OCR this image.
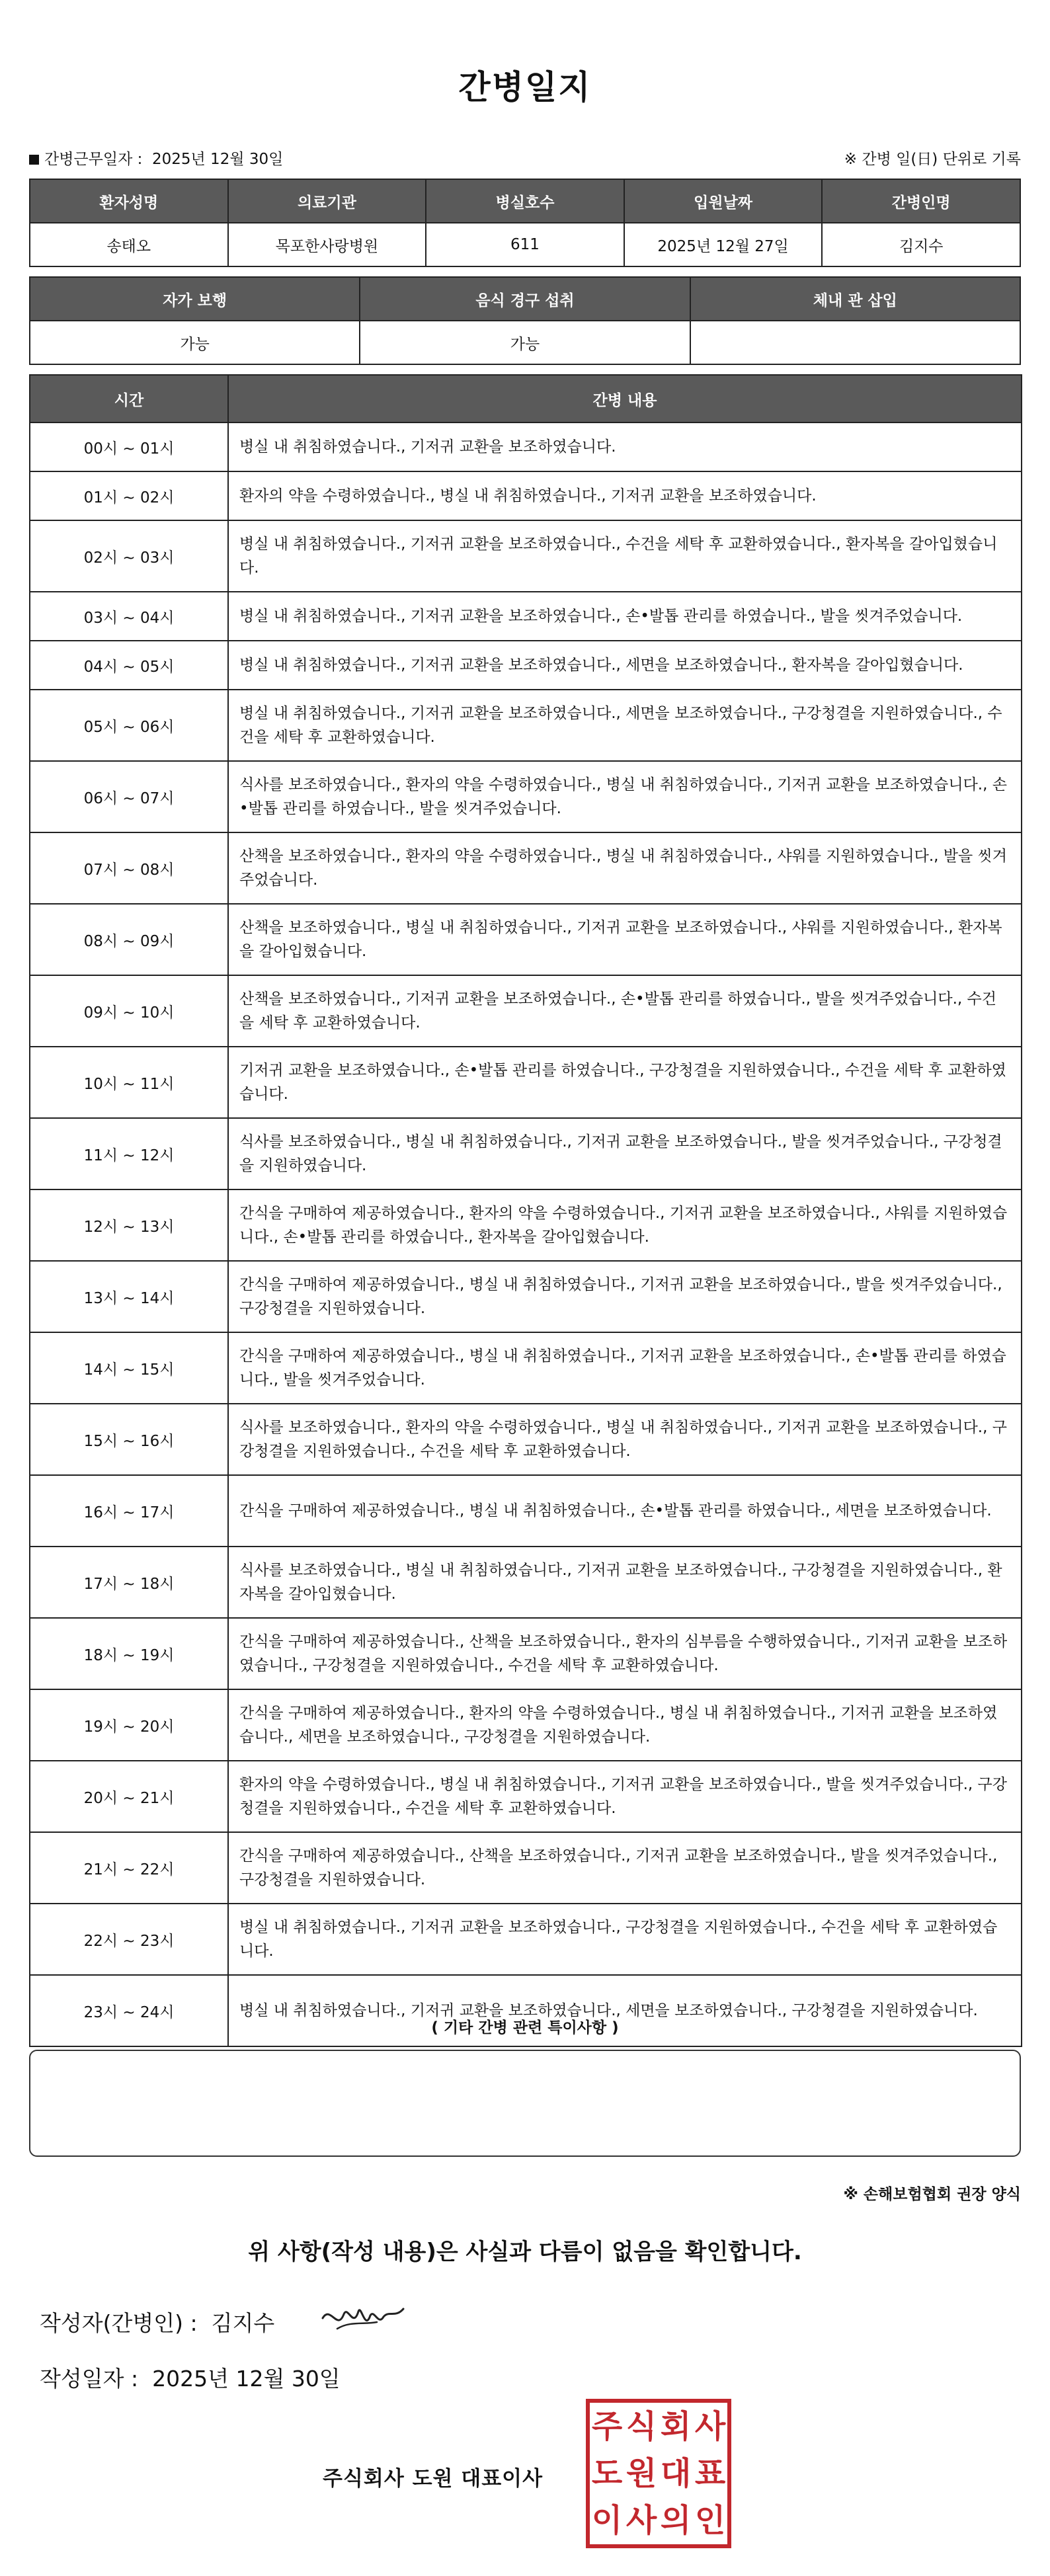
간병일지
간병근무일자 : 2025년 12월 30일	※ 간병 일(日) 단위로 기록
환자성명	의료기관	병실호수	입원날짜	간병인명
송태오	목포한사랑병원	611	2025년 12월 27일	김지수
자가 보행	음식 경구 섭취	체내 관 삽입
가능	가능	
시간	간병 내용
00시 ~ 01시	병실 내 취침하였습니다., 기저귀 교환을 보조하였습니다.
01시 ~ 02시	환자의 약을 수령하였습니다., 병실 내 취침하였습니다., 기저귀 교환을 보조하였습니다.
02시 ~ 03시	병실 내 취침하였습니다., 기저귀 교환을 보조하였습니다., 수건을 세탁 후 교환하였습니다., 환자복을 갈아입혔습니다.
03시 ~ 04시	병실 내 취침하였습니다., 기저귀 교환을 보조하였습니다., 손•발톱 관리를 하였습니다., 발을 씻겨주었습니다.
04시 ~ 05시	병실 내 취침하였습니다., 기저귀 교환을 보조하였습니다., 세면을 보조하였습니다., 환자복을 갈아입혔습니다.
05시 ~ 06시	병실 내 취침하였습니다., 기저귀 교환을 보조하였습니다., 세면을 보조하였습니다., 구강청결을 지원하였습니다., 수건을 세탁 후 교환하였습니다.
06시 ~ 07시	식사를 보조하였습니다., 환자의 약을 수령하였습니다., 병실 내 취침하였습니다., 기저귀 교환을 보조하였습니다., 손•발톱 관리를 하였습니다., 발을 씻겨주었습니다.
07시 ~ 08시	산책을 보조하였습니다., 환자의 약을 수령하였습니다., 병실 내 취침하였습니다., 샤워를 지원하였습니다., 발을 씻겨주었습니다.
08시 ~ 09시	산책을 보조하였습니다., 병실 내 취침하였습니다., 기저귀 교환을 보조하였습니다., 샤워를 지원하였습니다., 환자복을 갈아입혔습니다.
09시 ~ 10시	산책을 보조하였습니다., 기저귀 교환을 보조하였습니다., 손•발톱 관리를 하였습니다., 발을 씻겨주었습니다., 수건을 세탁 후 교환하였습니다.
10시 ~ 11시	기저귀 교환을 보조하였습니다., 손•발톱 관리를 하였습니다., 구강청결을 지원하였습니다., 수건을 세탁 후 교환하였습니다.
11시 ~ 12시	식사를 보조하였습니다., 병실 내 취침하였습니다., 기저귀 교환을 보조하였습니다., 발을 씻겨주었습니다., 구강청결을 지원하였습니다.
12시 ~ 13시	간식을 구매하여 제공하였습니다., 환자의 약을 수령하였습니다., 기저귀 교환을 보조하였습니다., 샤워를 지원하였습니다., 손•발톱 관리를 하였습니다., 환자복을 갈아입혔습니다.
13시 ~ 14시	간식을 구매하여 제공하였습니다., 병실 내 취침하였습니다., 기저귀 교환을 보조하였습니다., 발을 씻겨주었습니다., 구강청결을 지원하였습니다.
14시 ~ 15시	간식을 구매하여 제공하였습니다., 병실 내 취침하였습니다., 기저귀 교환을 보조하였습니다., 손•발톱 관리를 하였습니다., 발을 씻겨주었습니다.
15시 ~ 16시	식사를 보조하였습니다., 환자의 약을 수령하였습니다., 병실 내 취침하였습니다., 기저귀 교환을 보조하였습니다., 구강청결을 지원하였습니다., 수건을 세탁 후 교환하였습니다.
16시 ~ 17시	간식을 구매하여 제공하였습니다., 병실 내 취침하였습니다., 손•발톱 관리를 하였습니다., 세면을 보조하였습니다.
17시 ~ 18시	식사를 보조하였습니다., 병실 내 취침하였습니다., 기저귀 교환을 보조하였습니다., 구강청결을 지원하였습니다., 환자복을 갈아입혔습니다.
18시 ~ 19시	간식을 구매하여 제공하였습니다., 산책을 보조하였습니다., 환자의 심부름을 수행하였습니다., 기저귀 교환을 보조하였습니다., 구강청결을 지원하였습니다., 수건을 세탁 후 교환하였습니다.
19시 ~ 20시	간식을 구매하여 제공하였습니다., 환자의 약을 수령하였습니다., 병실 내 취침하였습니다., 기저귀 교환을 보조하였습니다., 세면을 보조하였습니다., 구강청결을 지원하였습니다.
20시 ~ 21시	환자의 약을 수령하였습니다., 병실 내 취침하였습니다., 기저귀 교환을 보조하였습니다., 발을 씻겨주었습니다., 구강청결을 지원하였습니다., 수건을 세탁 후 교환하였습니다.
21시 ~ 22시	간식을 구매하여 제공하였습니다., 산책을 보조하였습니다., 기저귀 교환을 보조하였습니다., 발을 씻겨주었습니다., 구강청결을 지원하였습니다.
22시 ~ 23시	병실 내 취침하였습니다., 기저귀 교환을 보조하였습니다., 구강청결을 지원하였습니다., 수건을 세탁 후 교환하였습니다.
23시 ~ 24시	병실 내 취침하였습니다., 기저귀 교환을 보조하였습니다., 세면을 보조하였습니다., 구강청결을 지원하였습니다.
( 기타 간병 관련 특이사항 )
※ 손해보험협회 권장 양식
위 사항(작성 내용)은 사실과 다름이 없음을 확인합니다.
작성자(간병인) : 김지수
작성일자 : 2025년 12월 30일
주식회사 도원 대표이사
주 식 회 사
도 원 대 표
이 사 의 인
